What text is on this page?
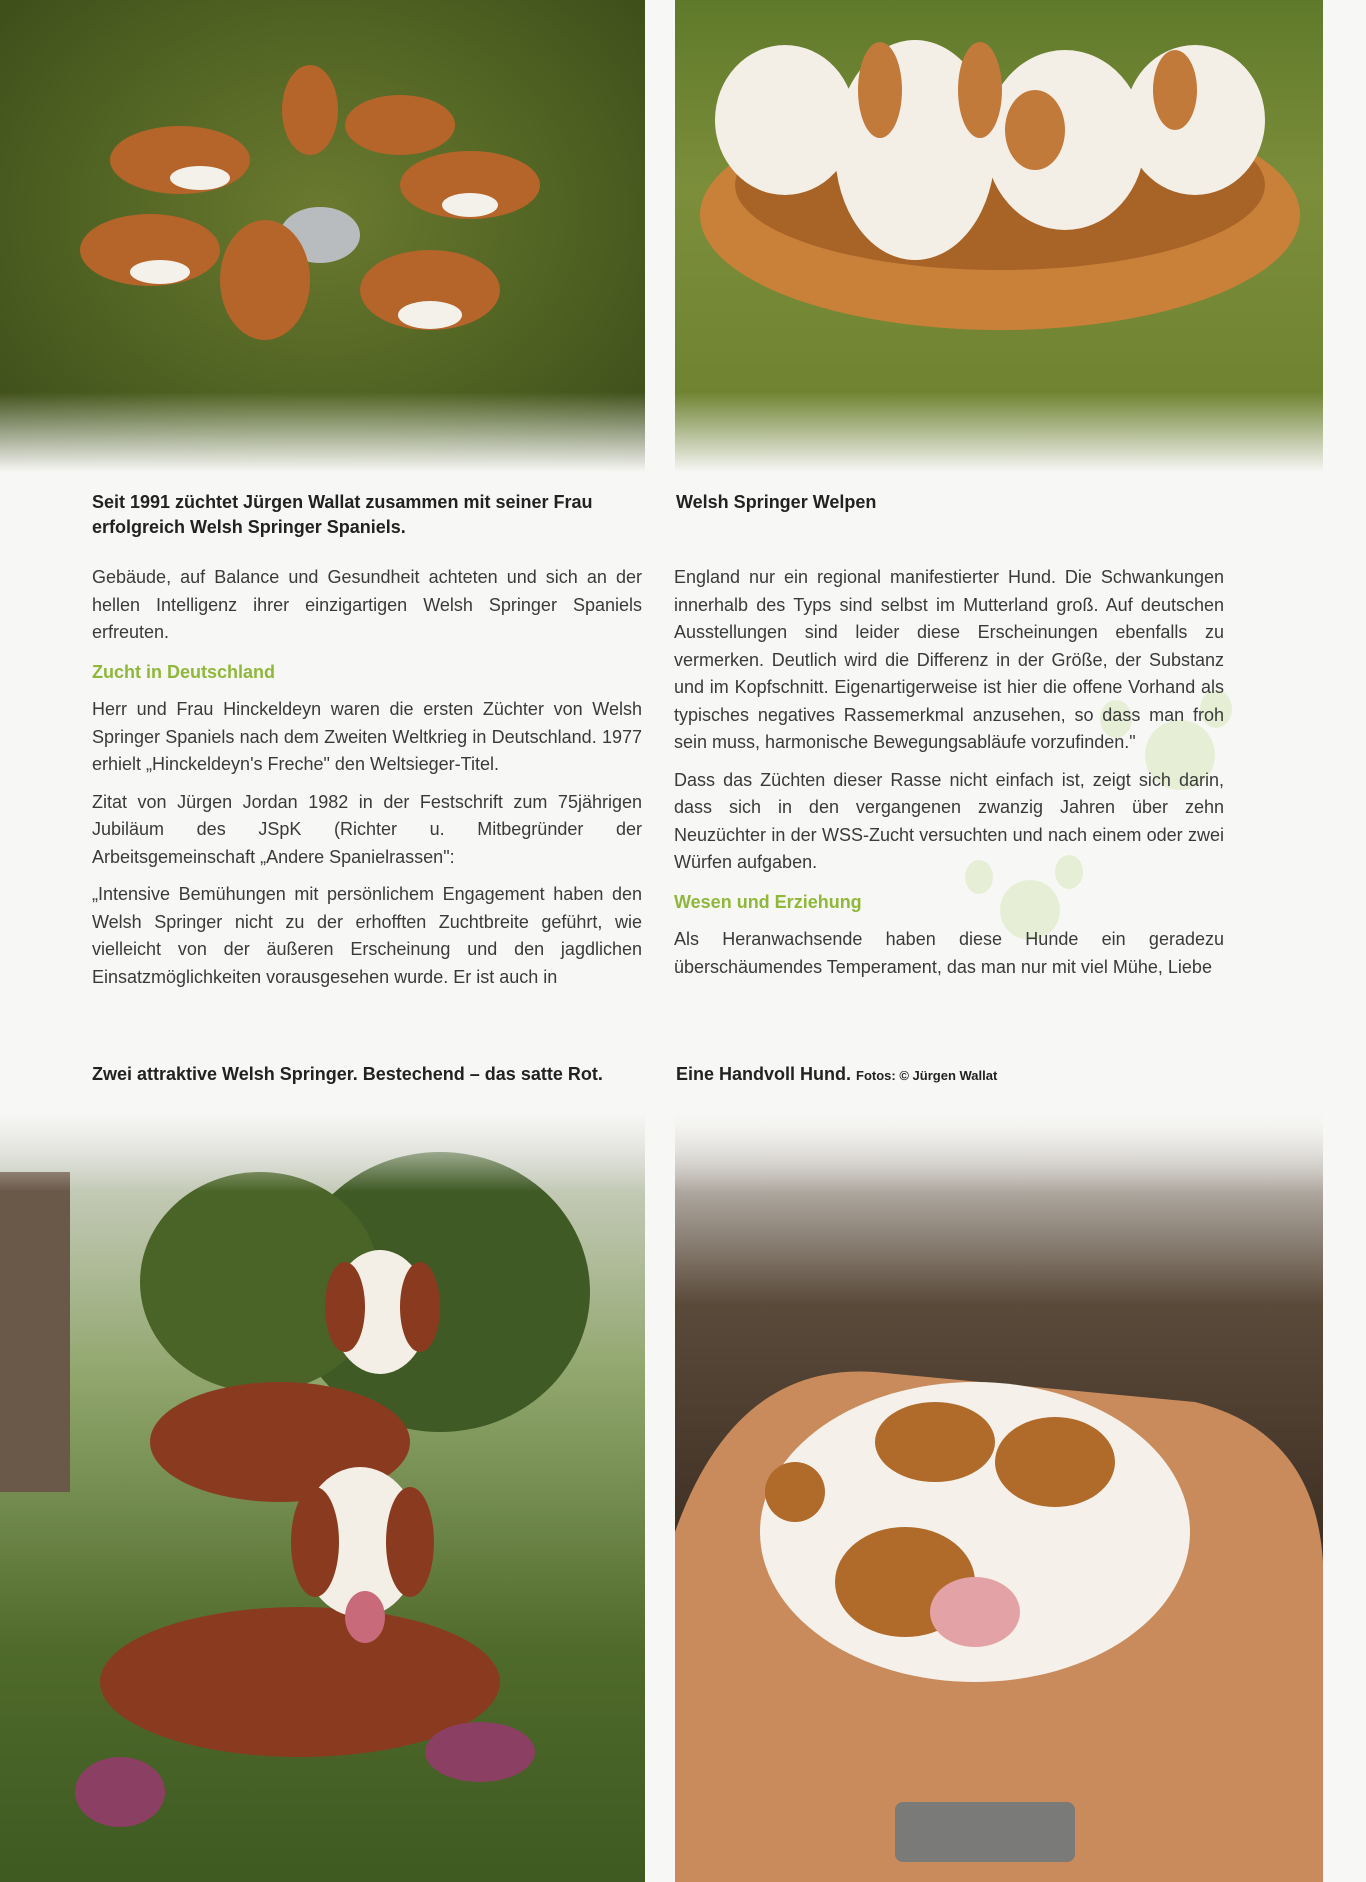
Seit 1991 züchtet Jürgen Wallat zusammen mit seiner Frau erfolgreich Welsh Springer Spaniels.
Welsh Springer Welpen

Gebäude, auf Balance und Gesundheit achteten und sich an der hellen Intelligenz ihrer einzigartigen Welsh Springer Spaniels erfreuten.

Zucht in Deutschland

Herr und Frau Hinckeldeyn waren die ersten Züchter von Welsh Springer Spaniels nach dem Zweiten Weltkrieg in Deutschland. 1977 erhielt „Hinckeldeyn's Freche" den Weltsieger-Titel.

Zitat von Jürgen Jordan 1982 in der Festschrift zum 75jährigen Jubiläum des JSpK (Richter u. Mitbegründer der Arbeitsgemeinschaft „Andere Spanielrassen":

„Intensive Bemühungen mit persönlichem Engagement haben den Welsh Springer nicht zu der erhofften Zuchtbreite geführt, wie vielleicht von der äußeren Erscheinung und den jagdlichen Einsatzmöglichkeiten vorausgesehen wurde. Er ist auch in

England nur ein regional manifestierter Hund. Die Schwankungen innerhalb des Typs sind selbst im Mutterland groß. Auf deutschen Ausstellungen sind leider diese Erscheinungen ebenfalls zu vermerken. Deutlich wird die Differenz in der Größe, der Substanz und im Kopfschnitt. Eigenartigerweise ist hier die offene Vorhand als typisches negatives Rassemerkmal anzusehen, so dass man froh sein muss, harmonische Bewegungsabläufe vorzufinden."

Dass das Züchten dieser Rasse nicht einfach ist, zeigt sich darin, dass sich in den vergangenen zwanzig Jahren über zehn Neuzüchter in der WSS-Zucht versuchten und nach einem oder zwei Würfen aufgaben.

Wesen und Erziehung

Als Heranwachsende haben diese Hunde ein geradezu überschäumendes Temperament, das man nur mit viel Mühe, Liebe

Zwei attraktive Welsh Springer. Bestechend – das satte Rot.	Eine Handvoll Hund. Fotos: © Jürgen Wallat
